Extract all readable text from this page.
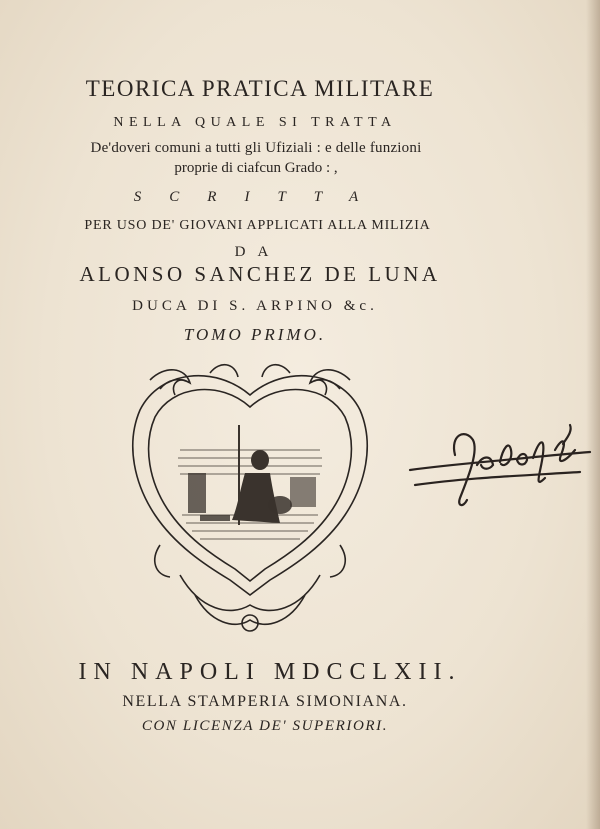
TEORICA PRATICA MILITARE
NELLA QUALE SI TRATTA
De'doveri comuni a tutti gli Ufiziali : e delle funzioni
proprie di ciafcun Grado : ,
SCRITTA
PER USO DE' GIOVANI APPLICATI ALLA MILIZIA
DA
ALONSO SANCHEZ DE LUNA
DUCA DI S. ARPINO &c.
TOMO PRIMO.
IN NAPOLI MDCCLXII.
NELLA STAMPERIA SIMONIANA.
CON LICENZA DE' SUPERIORI.
